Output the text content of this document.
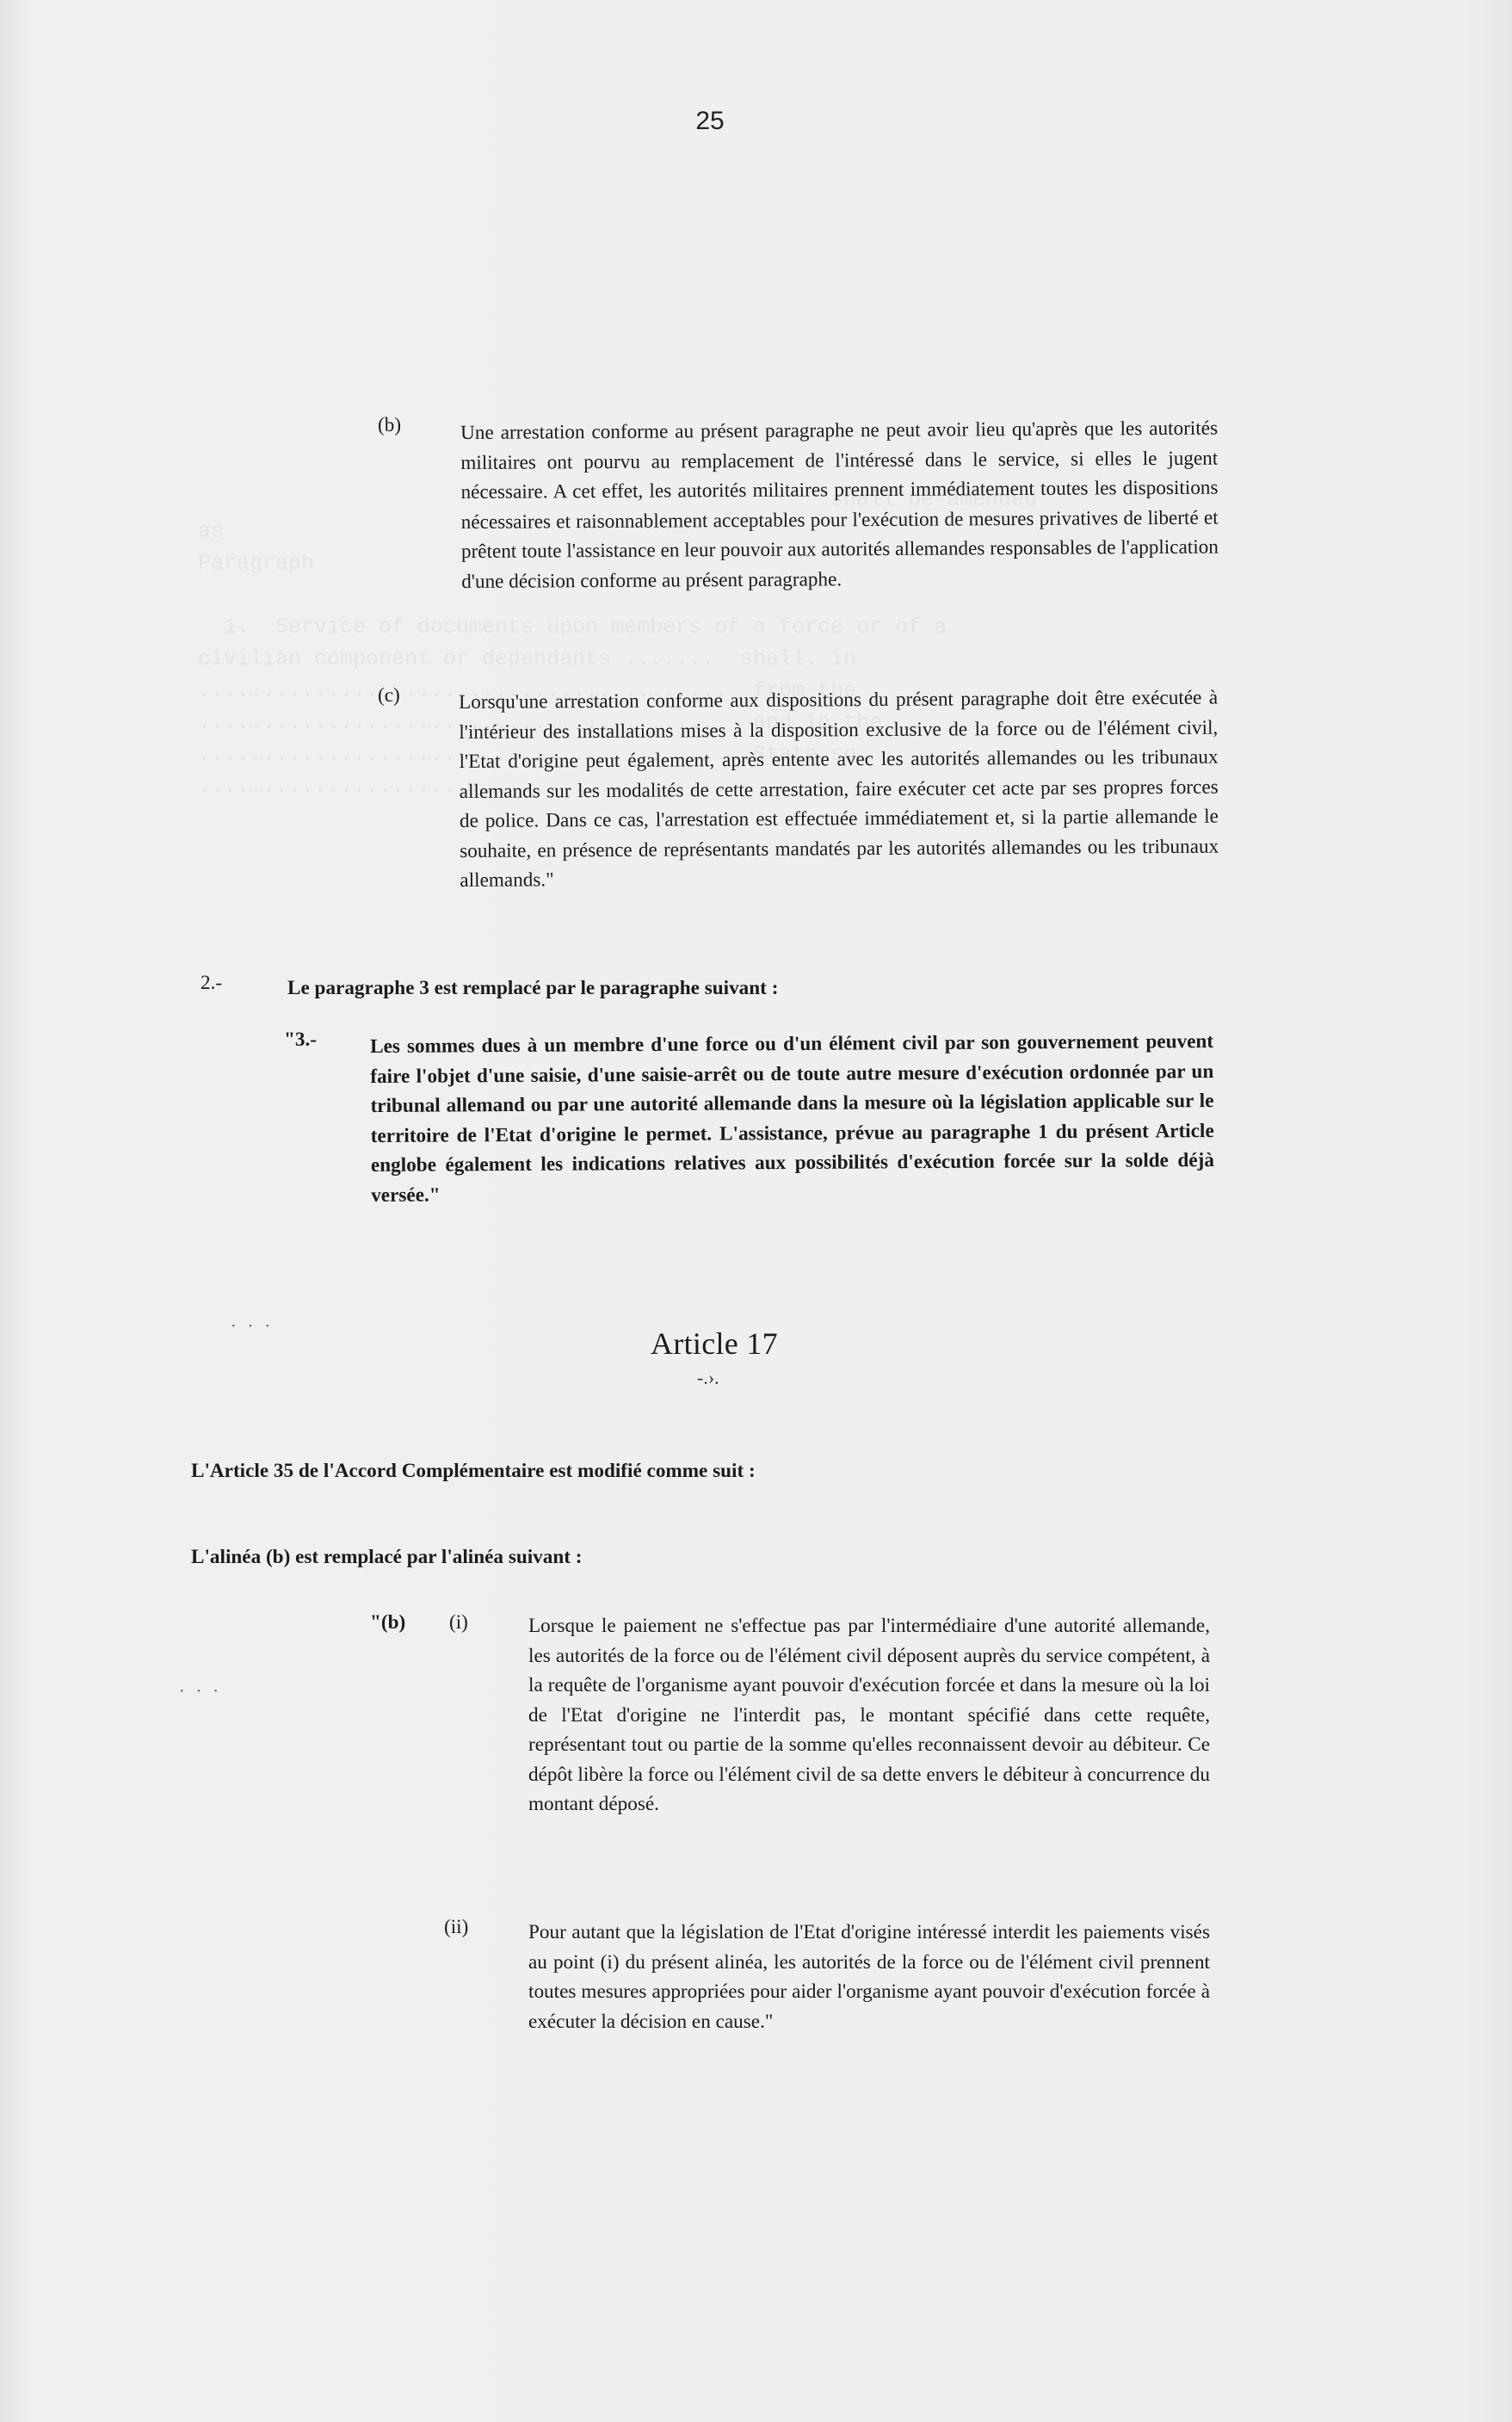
25
(b)	Une arrestation conforme au présent paragraphe ne peut avoir lieu qu'après que les autorités militaires ont pourvu au remplacement de l'intéressé dans le service, si elles le jugent nécessaire. A cet effet, les autorités militaires prennent immédiatement toutes les dispositions nécessaires et raisonnablement acceptables pour l'exécution de mesures privatives de liberté et prêtent toute l'assistance en leur pouvoir aux autorités allemandes responsables de l'application d'une décision conforme au présent paragraphe.
(c)	Lorsqu'une arrestation conforme aux dispositions du présent paragraphe doit être exécutée à l'intérieur des installations mises à la disposition exclusive de la force ou de l'élément civil, l'Etat d'origine peut également, après entente avec les autorités allemandes ou les tribunaux allemands sur les modalités de cette arrestation, faire exécuter cet acte par ses propres forces de police. Dans ce cas, l'arrestation est effectuée immédiatement et, si la partie allemande le souhaite, en présence de représentants mandatés par les autorités allemandes ou les tribunaux allemands."
2.-	Le paragraphe 3 est remplacé par le paragraphe suivant :
"3.-	Les sommes dues à un membre d'une force ou d'un élément civil par son gouvernement peuvent faire l'objet d'une saisie, d'une saisie-arrêt ou de toute autre mesure d'exécution ordonnée par un tribunal allemand ou par une autorité allemande dans la mesure où la législation applicable sur le territoire de l'Etat d'origine le permet. L'assistance, prévue au paragraphe 1 du présent Article englobe également les indications relatives aux possibilités d'exécution forcée sur la solde déjà versée."
· · ·	Article 17
-.›.
L'Article 35 de l'Accord Complémentaire est modifié comme suit :
L'alinéa (b) est remplacé par l'alinéa suivant :
"(b) (i)	Lorsque le paiement ne s'effectue pas par l'intermédiaire d'une autorité allemande, les autorités de la force ou de l'élément civil déposent auprès du service compétent, à la requête de l'organisme ayant pouvoir d'exécution forcée et dans la mesure où la loi de l'Etat d'origine ne l'interdit pas, le montant spécifié dans cette requête, représentant tout ou partie de la somme qu'elles reconnaissent devoir au débiteur. Ce dépôt libère la force ou l'élément civil de sa dette envers le débiteur à concurrence du montant déposé.
· · ·
(ii)	Pour autant que la législation de l'Etat d'origine intéressé interdit les paiements visés au point (i) du présent alinéa, les autorités de la force ou de l'élément civil prennent toutes mesures appropriées pour aider l'organisme ayant pouvoir d'exécution forcée à exécuter la décision en cause."
